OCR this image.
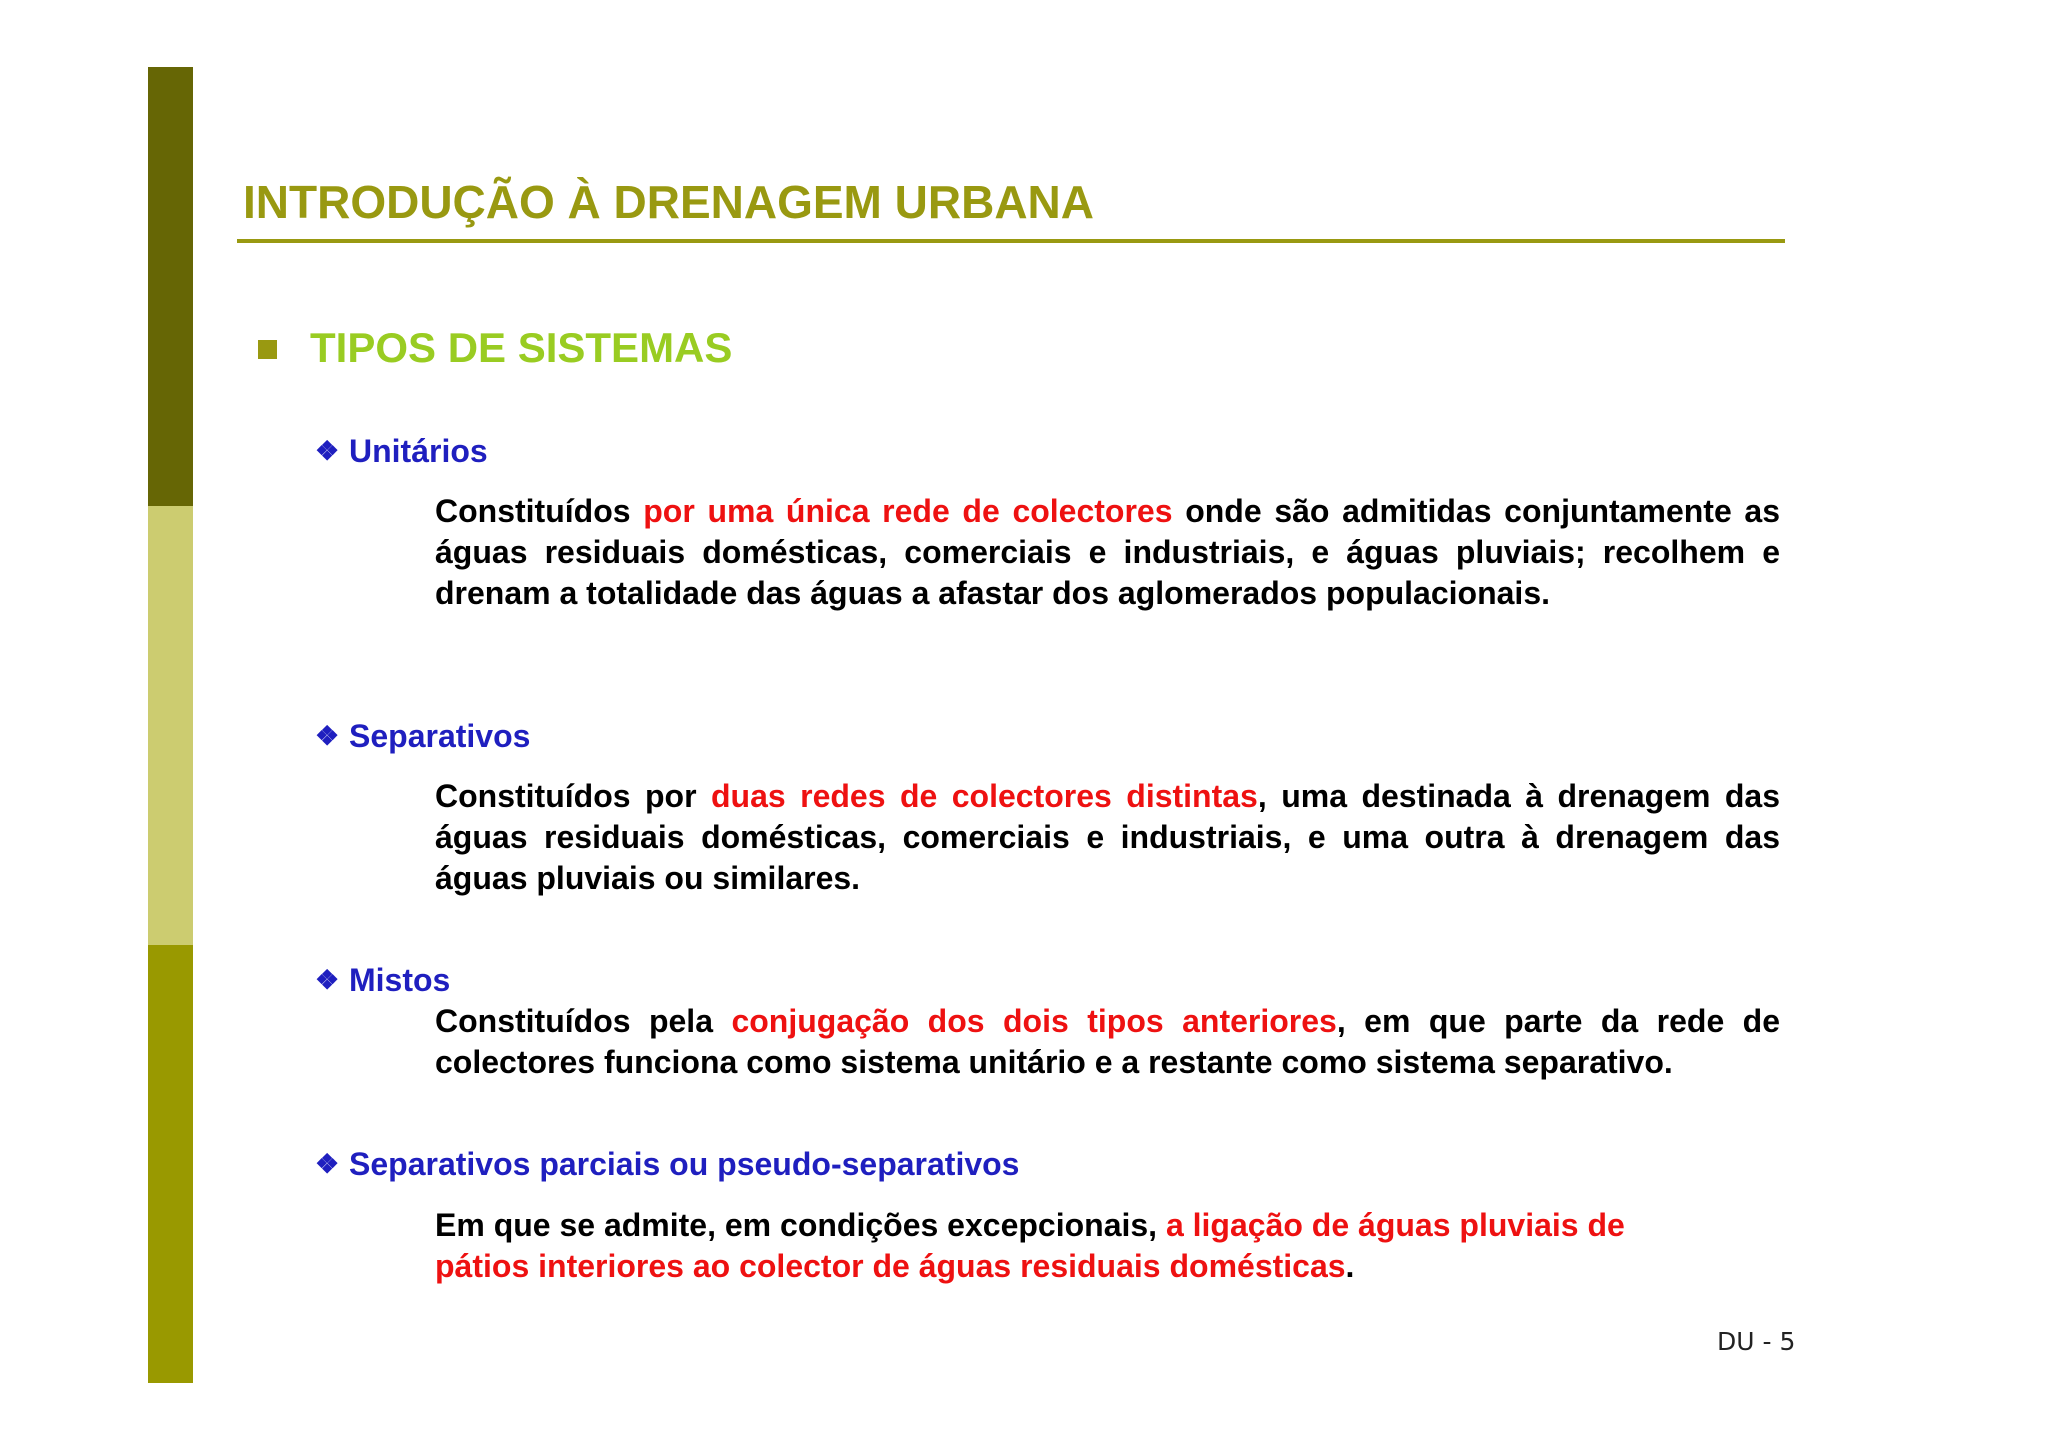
INTRODUÇÃO À DRENAGEM URBANA
TIPOS DE SISTEMAS
❖ Unitários
Constituídos por uma única rede de colectores onde são admitidas conjuntamente as águas residuais domésticas, comerciais e industriais, e águas pluviais; recolhem e drenam a totalidade das águas a afastar dos aglomerados populacionais.
❖ Separativos
Constituídos por duas redes de colectores distintas, uma destinada à drenagem das águas residuais domésticas, comerciais e industriais, e uma outra à drenagem das águas pluviais ou similares.
❖ Mistos
Constituídos pela conjugação dos dois tipos anteriores, em que parte da rede de colectores funciona como sistema unitário e a restante como sistema separativo.
❖ Separativos parciais ou pseudo-separativos
Em que se admite, em condições excepcionais, a ligação de águas pluviais de pátios interiores ao colector de águas residuais domésticas.
DU - 5
